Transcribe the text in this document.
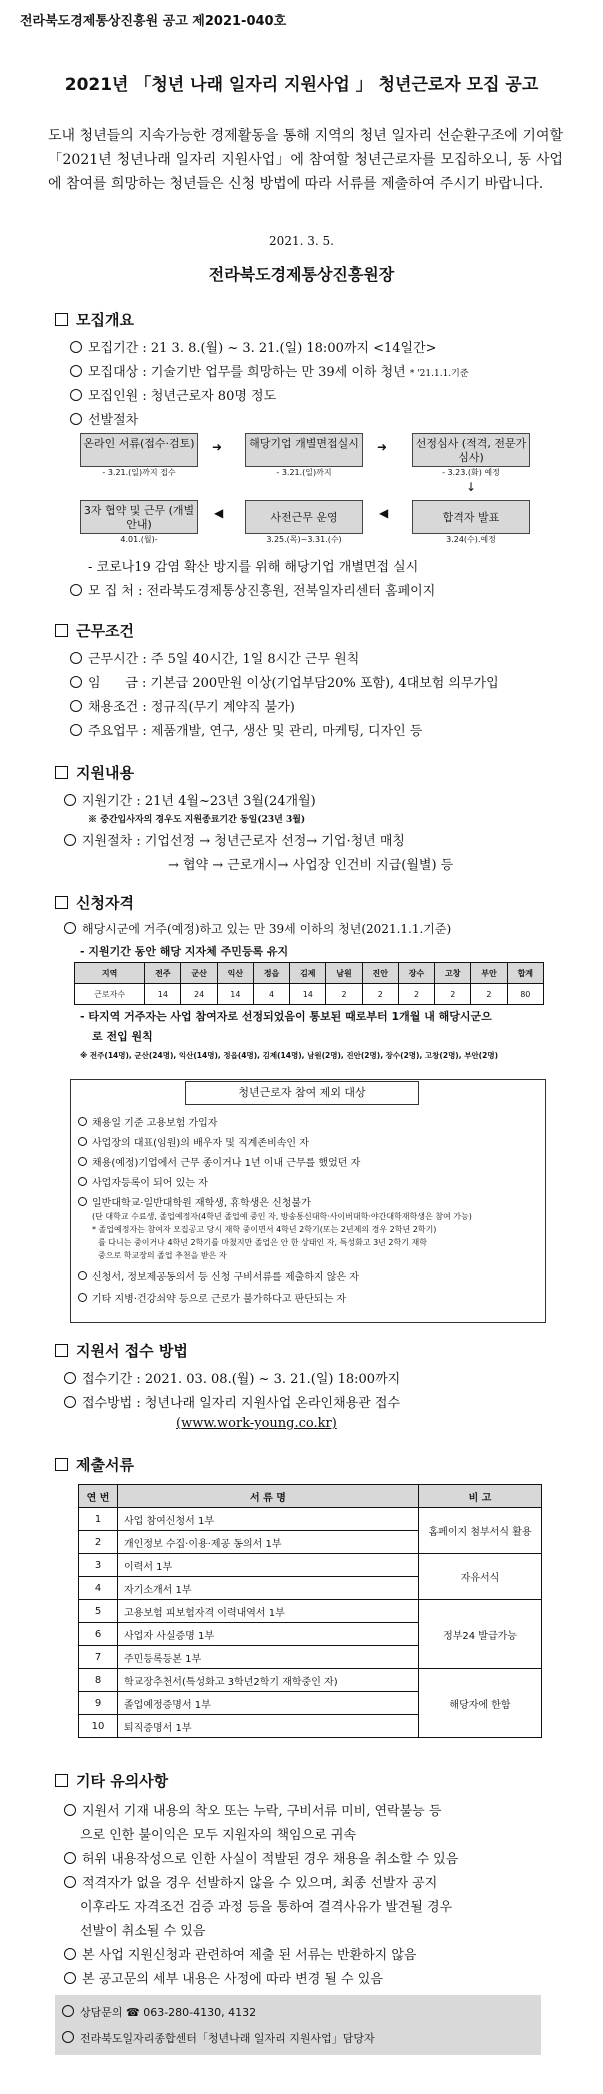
전라북도경제통상진흥원 공고 제2021-040호
2021년 「청년 나래 일자리 지원사업 」 청년근로자 모집 공고
도내 청년들의 지속가능한 경제활동을 통해 지역의 청년 일자리 선순환구조에 기여할 「2021년 청년나래 일자리 지원사업」에 참여할 청년근로자를 모집하오니, 동 사업에 참여를 희망하는 청년들은 신청 방법에 따라 서류를 제출하여 주시기 바랍니다.
2021. 3. 5.
전라북도경제통상진흥원장
모집개요
모집기간 : 21 3. 8.(월) ~ 3. 21.(일) 18:00까지 <14일간>
모집대상 : 기술기반 업무를 희망하는 만 39세 이하 청년 * '21.1.1.기준
모집인원 : 청년근로자 80명 정도
선발절차
온라인 서류(접수·검토)
- 3.21.(일)까지 접수
➜	해당기업 개별면접실시
- 3.21.(일)까지
➜	선정심사 (적격, 전문가심사)
- 3.23.(화) 예정
↓
3자 협약 및 근무 (개별안내)
4.01.(월)-
◀	사전근무 운영
3.25.(목)~3.31.(수)
◀	합격자 발표
3.24(수).예정
- 코로나19 감염 확산 방지를 위해 해당기업 개별면접 실시
모 집 처 : 전라북도경제통상진흥원, 전북일자리센터 홈페이지
근무조건
근무시간 : 주 5일 40시간, 1일 8시간 근무 원칙
임      금 : 기본급 200만원 이상(기업부담20% 포함), 4대보험 의무가입
채용조건 : 정규직(무기 계약직 불가)
주요업무 : 제품개발, 연구, 생산 및 관리, 마케팅, 디자인 등
지원내용
지원기간 : 21년 4월~23년 3월(24개월)
※ 중간입사자의 경우도 지원종료기간 동일(23년 3월)
지원절차 : 기업선정 → 청년근로자 선정→ 기업·청년 매칭
→ 협약 → 근로개시→ 사업장 인건비 지급(월별) 등
신청자격
해당시군에 거주(예정)하고 있는 만 39세 이하의 청년(2021.1.1.기준)
- 지원기간 동안 해당 지자체 주민등록 유지
지역	전주	군산	익산	정읍	김제	남원	진안	장수	고창	부안	합계
근로자수	14	24	14	4	14	2	2	2	2	2	80
- 타지역 거주자는 사업 참여자로 선정되었음이 통보된 때로부터 1개월 내 해당시군으
로 전입 원칙
※ 전주(14명), 군산(24명), 익산(14명), 정읍(4명), 김제(14명), 남원(2명), 진안(2명), 장수(2명), 고창(2명), 부안(2명)
청년근로자 참여 제외 대상
채용일 기준 고용보험 가입자
사업장의 대표(임원)의 배우자 및 직계존비속인 자
채용(예정)기업에서 근무 종이거나 1년 이내 근무를 했었던 자
사업자등록이 되어 있는 자
일반대학교·일반대학원 재학생, 휴학생은 신청불가
(단 대학교 수료생, 졸업예정자(4학년 졸업예 중인 자, 방송통신대학·사이버대학·야간대학재학생은 참여 가능)
* 졸업예정자는 참여자 모집공고 당시 재학 중이면서 4학년 2학기(또는 2년제의 경우 2학년 2학기)
를 다니는 중이거나 4학년 2학기를 마쳤지만 졸업은 안 한 상태인 자, 특성화고 3년 2학기 재학
중으로 학교장의 졸업 추천을 받은 자
신청서, 정보제공동의서 등 신청 구비서류를 제출하지 않은 자
기타 지병·건강쇠약 등으로 근로가 불가하다고 판단되는 자
지원서 접수 방법
접수기간 : 2021. 03. 08.(월) ~ 3. 21.(일) 18:00까지
접수방법 : 청년나래 일자리 지원사업 온라인채용관 접수
(www.work-young.co.kr)
제출서류
연 번	서 류 명	비 고
1	사업 참여신청서 1부	홈페이지 첨부서식 활용
2	개인정보 수집·이용·제공 동의서 1부	
3	이력서 1부	자유서식
4	자기소개서 1부	
5	고용보험 피보험자격 이력내역서 1부	정부24 발급가능
6	사업자 사실증명 1부	
7	주민등록등본 1부	
8	학교장추천서(특성화고 3학년2학기 재학중인 자)	해당자에 한함
9	졸업예정증명서 1부	
10	퇴직증명서 1부	
기타 유의사항
지원서 기재 내용의 착오 또는 누락, 구비서류 미비, 연락불능 등
으로 인한 불이익은 모두 지원자의 책임으로 귀속
허위 내용작성으로 인한 사실이 적발된 경우 채용을 취소할 수 있음
적격자가 없을 경우 선발하지 않을 수 있으며, 최종 선발자 공지
이후라도 자격조건 검증 과정 등을 통하여 결격사유가 발견될 경우
선발이 취소될 수 있음
본 사업 지원신청과 관련하여 제출 된 서류는 반환하지 않음
본 공고문의 세부 내용은 사정에 따라 변경 될 수 있음
상담문의 ☎ 063-280-4130, 4132
전라북도일자리종합센터「청년나래 일자리 지원사업」담당자
